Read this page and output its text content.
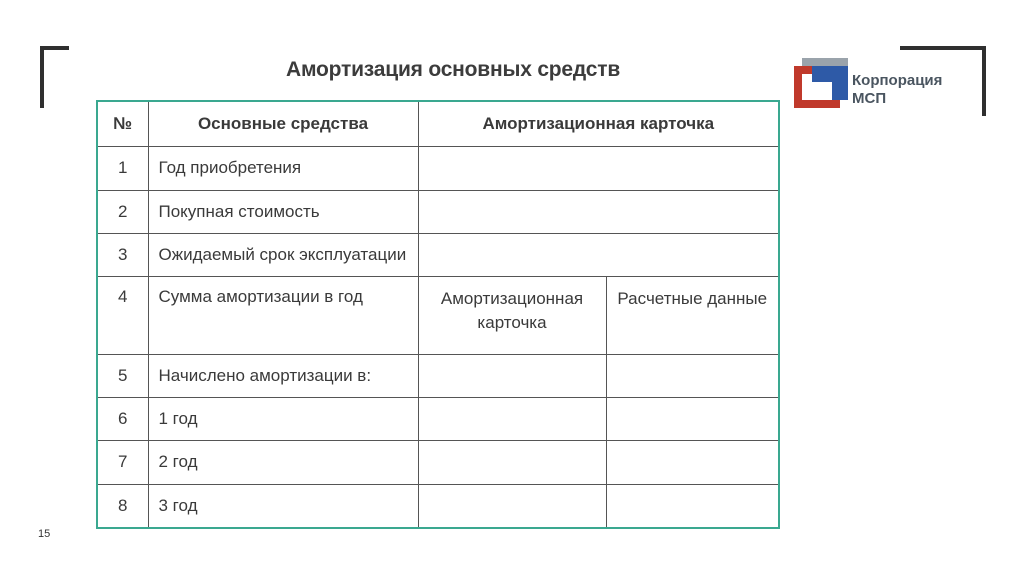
Амортизация основных средств	Корпорация
МСП
№	Основные средства	Амортизационная карточка	
1	Год приобретения		
2	Покупная стоимость		
3	Ожидаемый срок эксплуатации		
4	Сумма амортизации в год	Амортизационная карточка	Расчетные данные
5	Начислено амортизации в:		
6	1 год		
7	2 год		
8	3 год		
15
